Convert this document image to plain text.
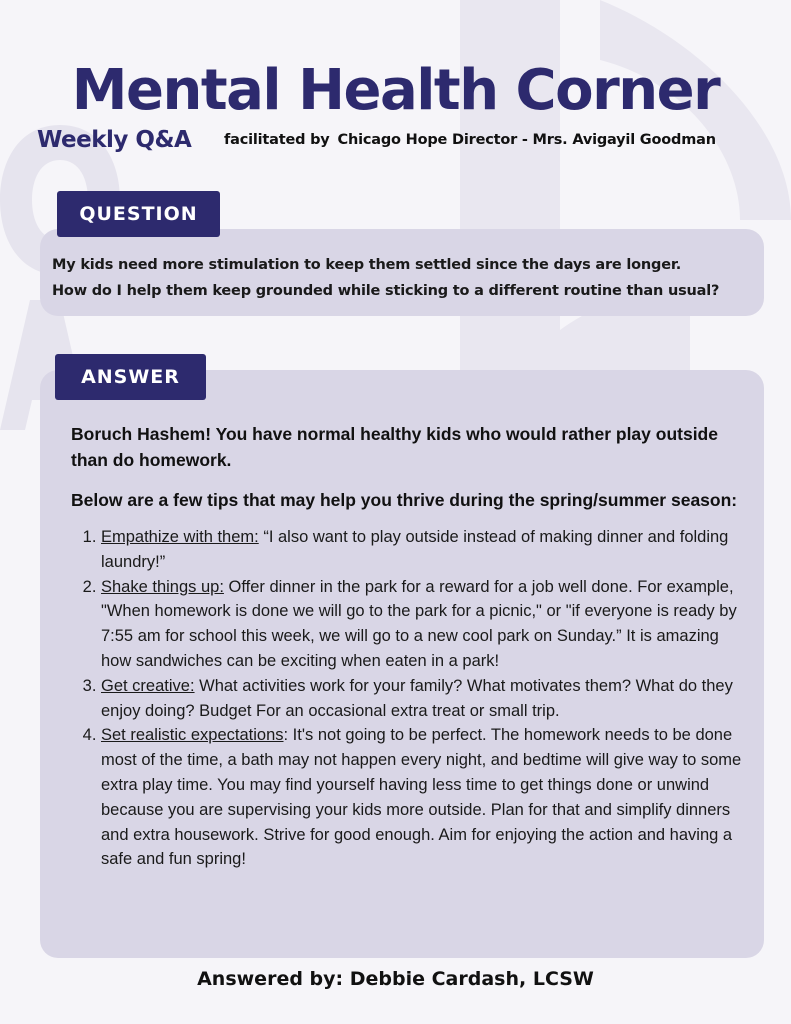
Mental Health Corner
Weekly Q&A facilitated by Chicago Hope Director - Mrs. Avigayil Goodman
QUESTION
My kids need more stimulation to keep them settled since the days are longer.
How do I help them keep grounded while sticking to a different routine than usual?
ANSWER
Boruch Hashem! You have normal healthy kids who would rather play outside than do homework.
Below are a few tips that may help you thrive during the spring/summer season:
1. Empathize with them: “I also want to play outside instead of making dinner and folding laundry!”
2. Shake things up: Offer dinner in the park for a reward for a job well done. For example, "When homework is done we will go to the park for a picnic," or "if everyone is ready by 7:55 am for school this week, we will go to a new cool park on Sunday.” It is amazing how sandwiches can be exciting when eaten in a park!
3. Get creative: What activities work for your family? What motivates them? What do they enjoy doing? Budget For an occasional extra treat or small trip.
4. Set realistic expectations: It's not going to be perfect. The homework needs to be done most of the time, a bath may not happen every night, and bedtime will give way to some extra play time. You may find yourself having less time to get things done or unwind because you are supervising your kids more outside. Plan for that and simplify dinners and extra housework. Strive for good enough. Aim for enjoying the action and having a safe and fun spring!
Answered by: Debbie Cardash, LCSW
